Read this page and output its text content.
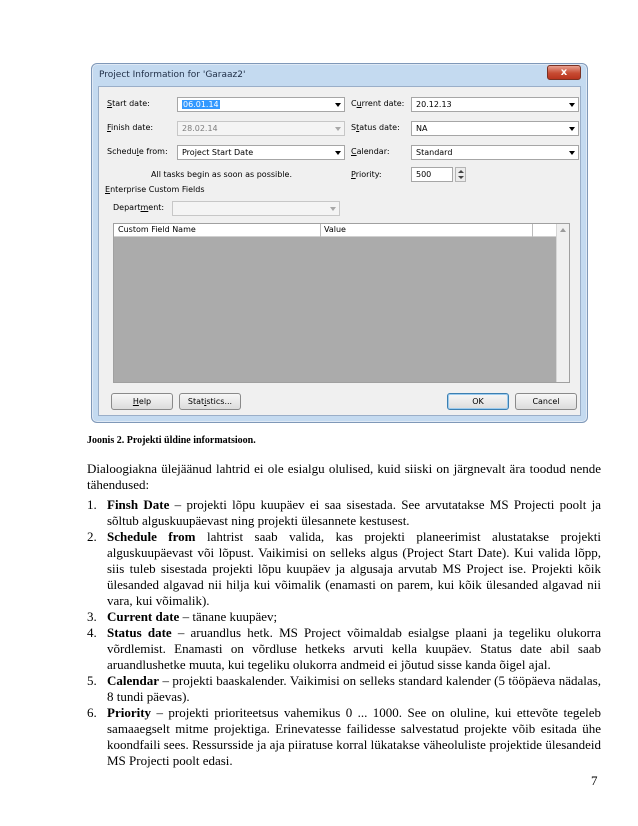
Project Information for 'Garaaz2'	x
Start date:	06.01.14
Finish date:	28.02.14
Schedule from:	Project Start Date
All tasks begin as soon as possible.
Current date:	20.12.13
Status date:	NA
Calendar:	Standard
Priority:	500
Enterprise Custom Fields
Department:
Custom Field Name	Value
Help	Statistics...	OK	Cancel
Joonis 2. Projekti üldine informatsioon.

Dialoogiakna ülejäänud lahtrid ei ole esialgu olulised, kuid siiski on järgnevalt ära toodud nende tähendused:

1. Finsh Date – projekti lõpu kuupäev ei saa sisestada. See arvutatakse MS Projecti poolt ja sõltub alguskuupäevast ning projekti ülesannete kestusest.
2. Schedule from lahtrist saab valida, kas projekti planeerimist alustatakse projekti alguskuupäevast või lõpust. Vaikimisi on selleks algus (Project Start Date). Kui valida lõpp, siis tuleb sisestada projekti lõpu kuupäev ja algusaja arvutab MS Project ise. Projekti kõik ülesanded algavad nii hilja kui võimalik (enamasti on parem, kui kõik ülesanded algavad nii vara, kui võimalik).
3. Current date – tänane kuupäev;
4. Status date – aruandlus hetk. MS Project võimaldab esialgse plaani ja tegeliku olukorra võrdlemist. Enamasti on võrdluse hetkeks arvuti kella kuupäev. Status date abil saab aruandlushetke muuta, kui tegeliku olukorra andmeid ei jõutud sisse kanda õigel ajal.
5. Calendar – projekti baaskalender. Vaikimisi on selleks standard kalender (5 tööpäeva nädalas, 8 tundi päevas).
6. Priority – projekti prioriteetsus vahemikus 0 ... 1000. See on oluline, kui ettevõte tegeleb samaaegselt mitme projektiga. Erinevatesse failidesse salvestatud projekte võib esitada ühe koondfaili sees. Ressursside ja aja piiratuse korral lükatakse väheoluliste projektide ülesandeid MS Projecti poolt edasi.
7
